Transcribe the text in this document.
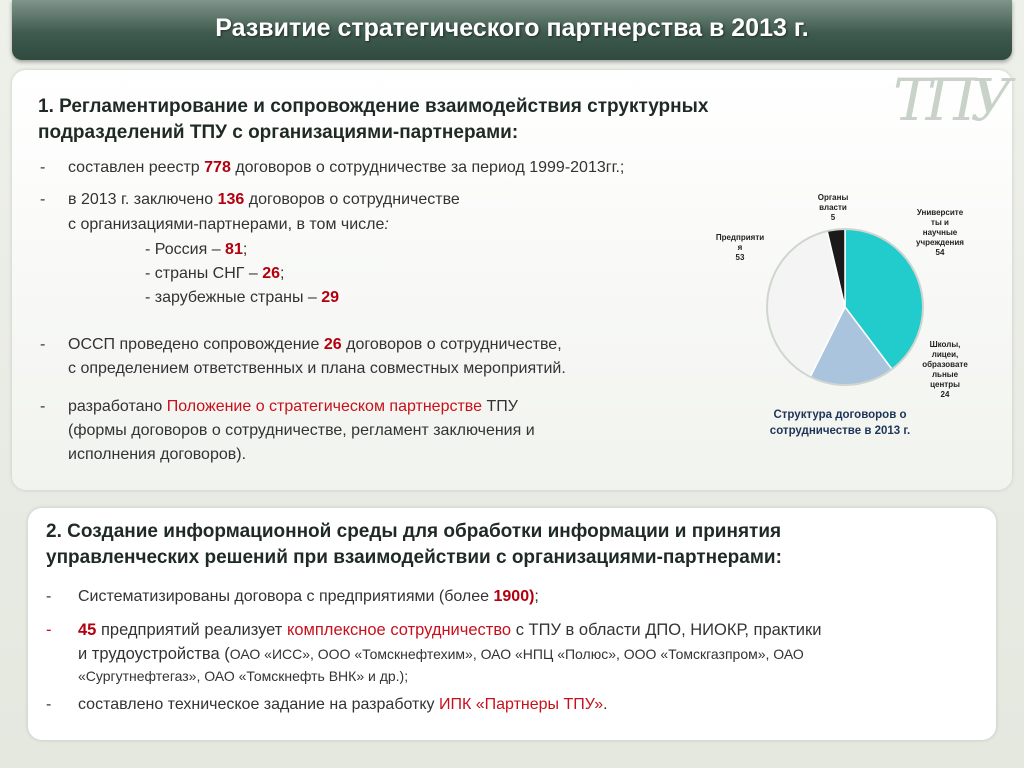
Развитие стратегического партнерства в 2013 г.
ТПУ

1. Регламентирование и сопровождение взаимодействия структурных
подразделений ТПУ с организациями-партнерами:

- составлен реестр 778 договоров о сотрудничестве за период 1999-2013гг.;

- в 2013 г. заключено 136 договоров о сотрудничестве

с организациями-партнерами, в том числе:

- Россия – 81;

- страны СНГ – 26;

- зарубежные страны – 29

- ОССП проведено сопровождение 26 договоров о сотрудничестве,

с определением ответственных и плана совместных мероприятий.

- разработано Положение о стратегическом партнерстве ТПУ

(формы договоров о сотрудничестве, регламент заключения и

исполнения договоров).

Университе
ты и
научные
учреждения
54
Школы,
лицеи,
образовате
льные
центры
24
Предприяти
я
53
Органы
власти
5
Структура договоров о
сотрудничестве в 2013 г.

2. Создание информационной среды для обработки информации и принятия
управленческих решений при взаимодействии с организациями-партнерами:

- Систематизированы договора с предприятиями (более 1900);

- 45 предприятий реализует комплексное сотрудничество с ТПУ в области ДПО, НИОКР, практики

и трудоустройства (ОАО «ИСС», ООО «Томскнефтехим», ОАО «НПЦ «Полюс», ООО «Томскгазпром», ОАО

«Сургутнефтегаз», ОАО «Томскнефть ВНК» и др.);

- составлено техническое задание на разработку ИПК «Партнеры ТПУ».
